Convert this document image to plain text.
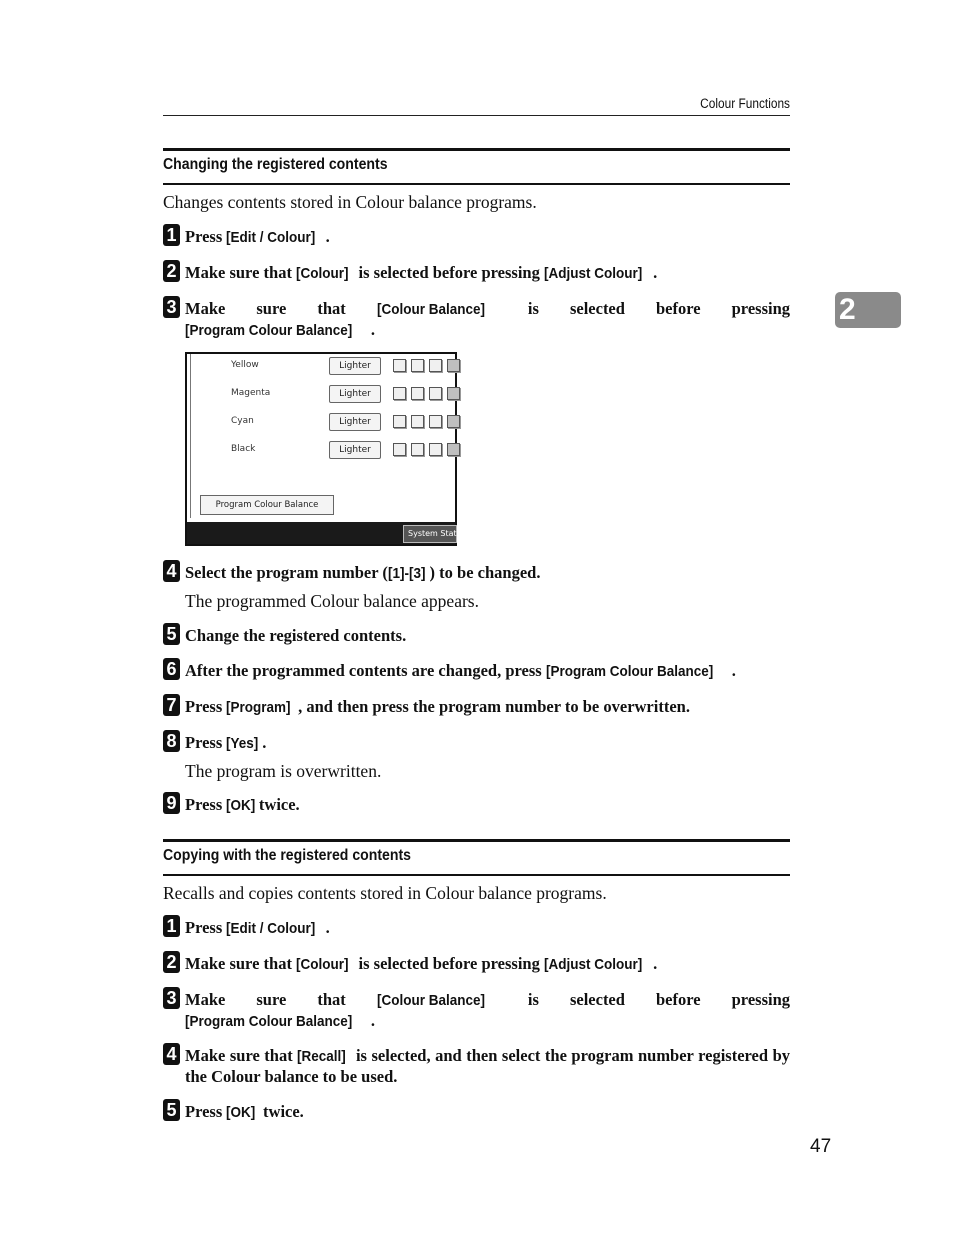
Colour Functions
2
Changing the registered contents
Changes contents stored in Colour balance programs.
1 Press [Edit / Colour] .
2 Make sure that [Colour] is selected before pressing [Adjust Colour] .
3 Make sure that [Colour Balance] is selected before pressing [Program Colour Balance] .
Yellow	Lighter
Magenta	Lighter
Cyan	Lighter
Black	Lighter
Program Colour Balance
System Status
4 Select the program number ([1]-[3] ) to be changed.
The programmed Colour balance appears.
5 Change the registered contents.
6 After the programmed contents are changed, press [Program Colour Balance] .
7 Press [Program] , and then press the program number to be overwritten.
8 Press [Yes] .
The program is overwritten.
9 Press [OK] twice.
Copying with the registered contents
Recalls and copies contents stored in Colour balance programs.
1 Press [Edit / Colour] .
2 Make sure that [Colour] is selected before pressing [Adjust Colour] .
3 Make sure that [Colour Balance] is selected before pressing [Program Colour Balance] .
4 Make sure that [Recall] is selected, and then select the program number registered by the Colour balance to be used.
5 Press [OK] twice.
47
